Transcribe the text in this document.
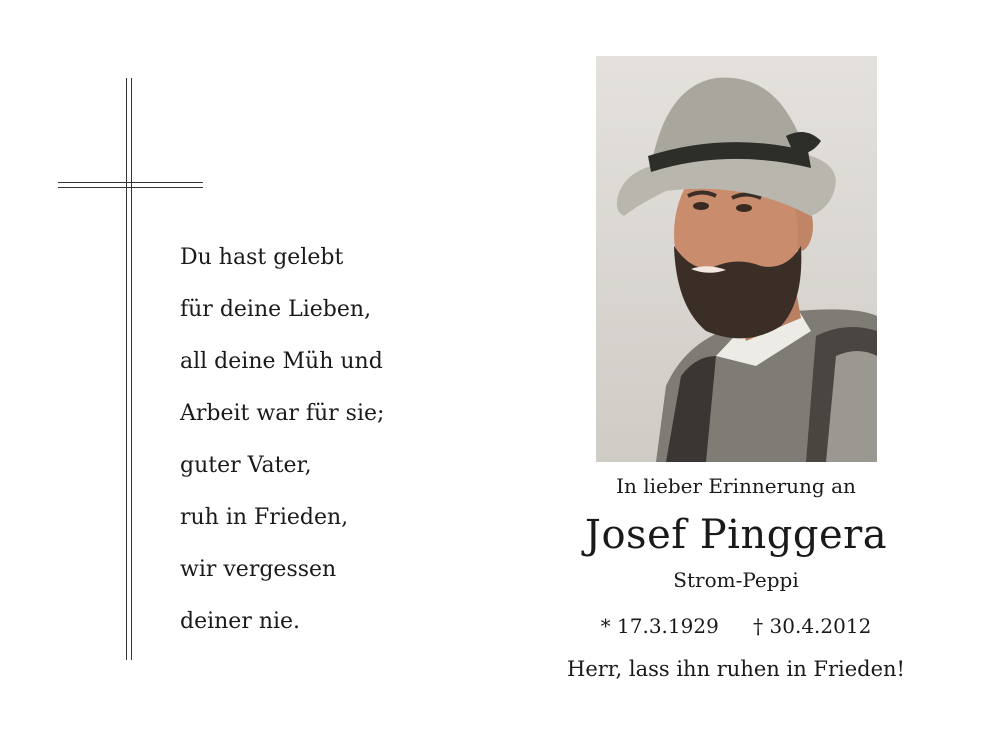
Du hast gelebt
für deine Lieben,
all deine Müh und
Arbeit war für sie;
guter Vater,
ruh in Frieden,
wir vergessen
deiner nie.
In lieber Erinnerung an
Josef Pinggera
Strom-Peppi
* 17.3.1929 † 30.4.2012
Herr, lass ihn ruhen in Frieden!
